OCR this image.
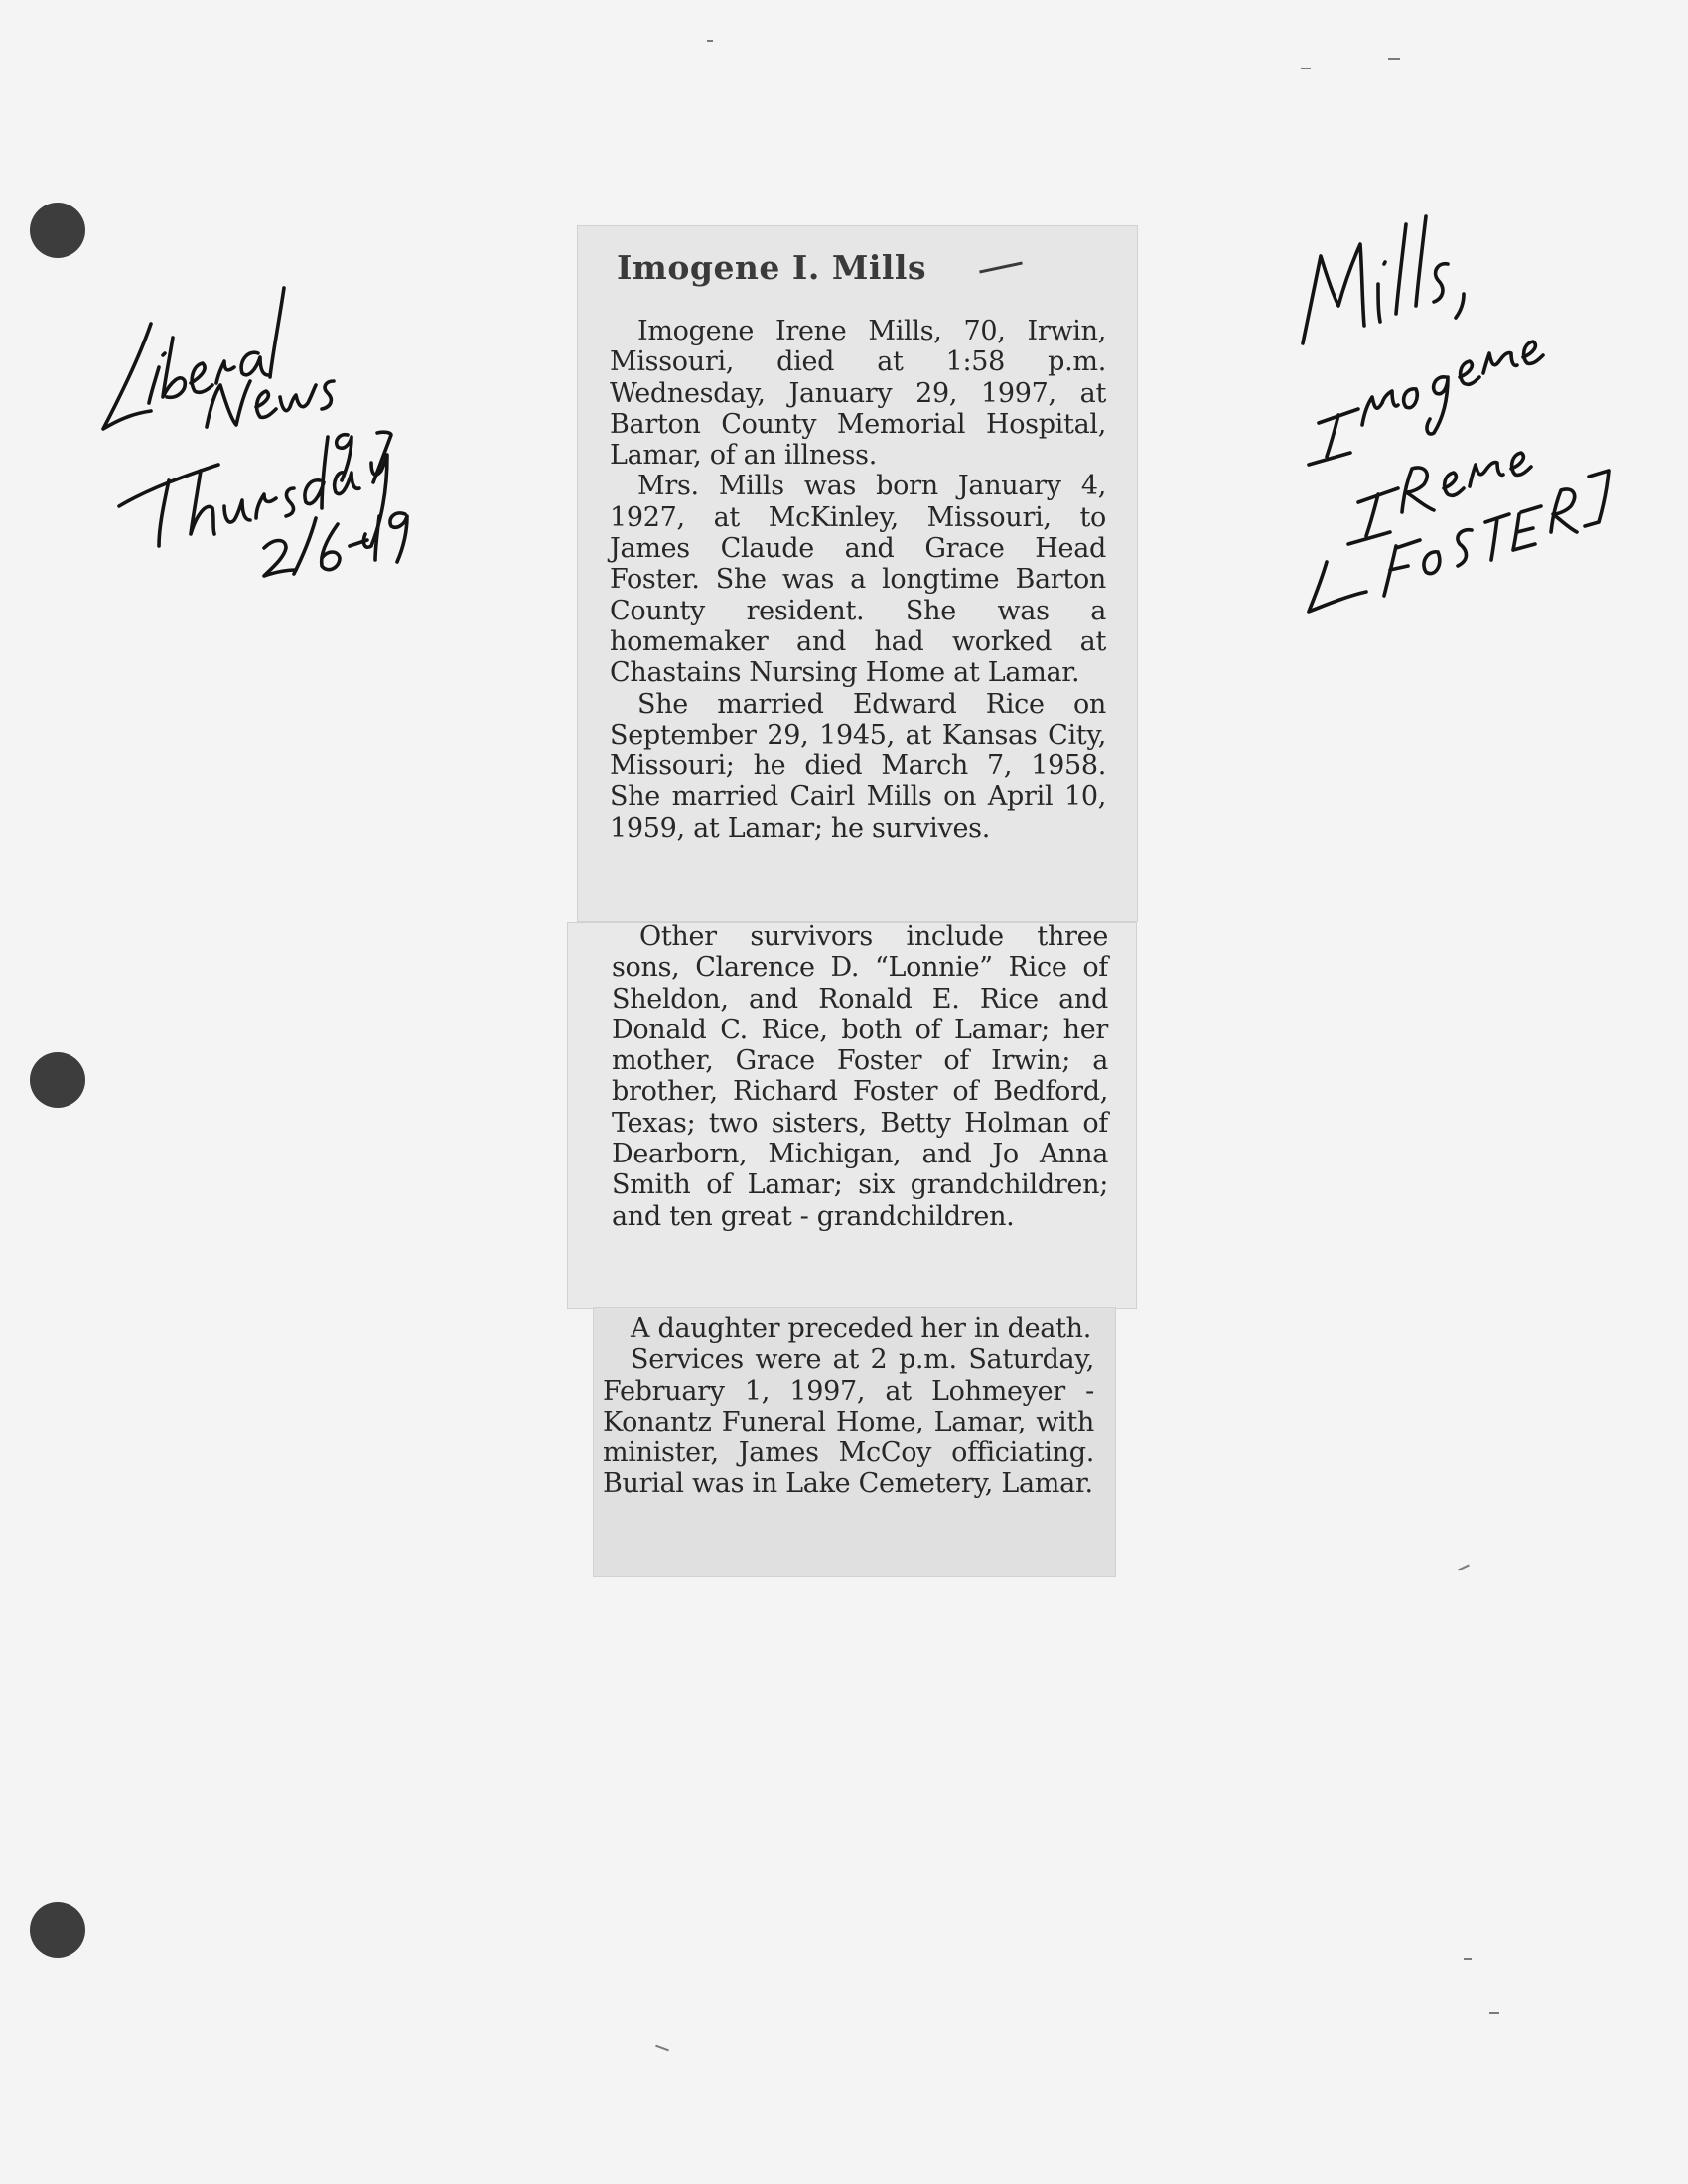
Imogene I. Mills

Imogene Irene Mills, 70, Irwin, Missouri, died at 1:58 p.m. Wednesday, January 29, 1997, at Barton County Memorial Hospital, Lamar, of an illness.

Mrs. Mills was born January 4, 1927, at McKinley, Missouri, to James Claude and Grace Head Foster. She was a longtime Barton County resident. She was a homemaker and had worked at Chastains Nursing Home at Lamar.

She married Edward Rice on September 29, 1945, at Kansas City, Missouri; he died March 7, 1958. She married Cairl Mills on April 10, 1959, at Lamar; he survives.

Other survivors include three sons, Clarence D. “Lonnie” Rice of Sheldon, and Ronald E. Rice and Donald C. Rice, both of Lamar; her mother, Grace Foster of Irwin; a brother, Richard Foster of Bedford, Texas; two sisters, Betty Holman of Dearborn, Michigan, and Jo Anna Smith of Lamar; six grandchildren; and ten great - grandchildren.

A daughter preceded her in death.

Services were at 2 p.m. Saturday, February 1, 1997, at Lohmeyer - Konantz Funeral Home, Lamar, with minister, James McCoy officiating. Burial was in Lake Cemetery, Lamar.
